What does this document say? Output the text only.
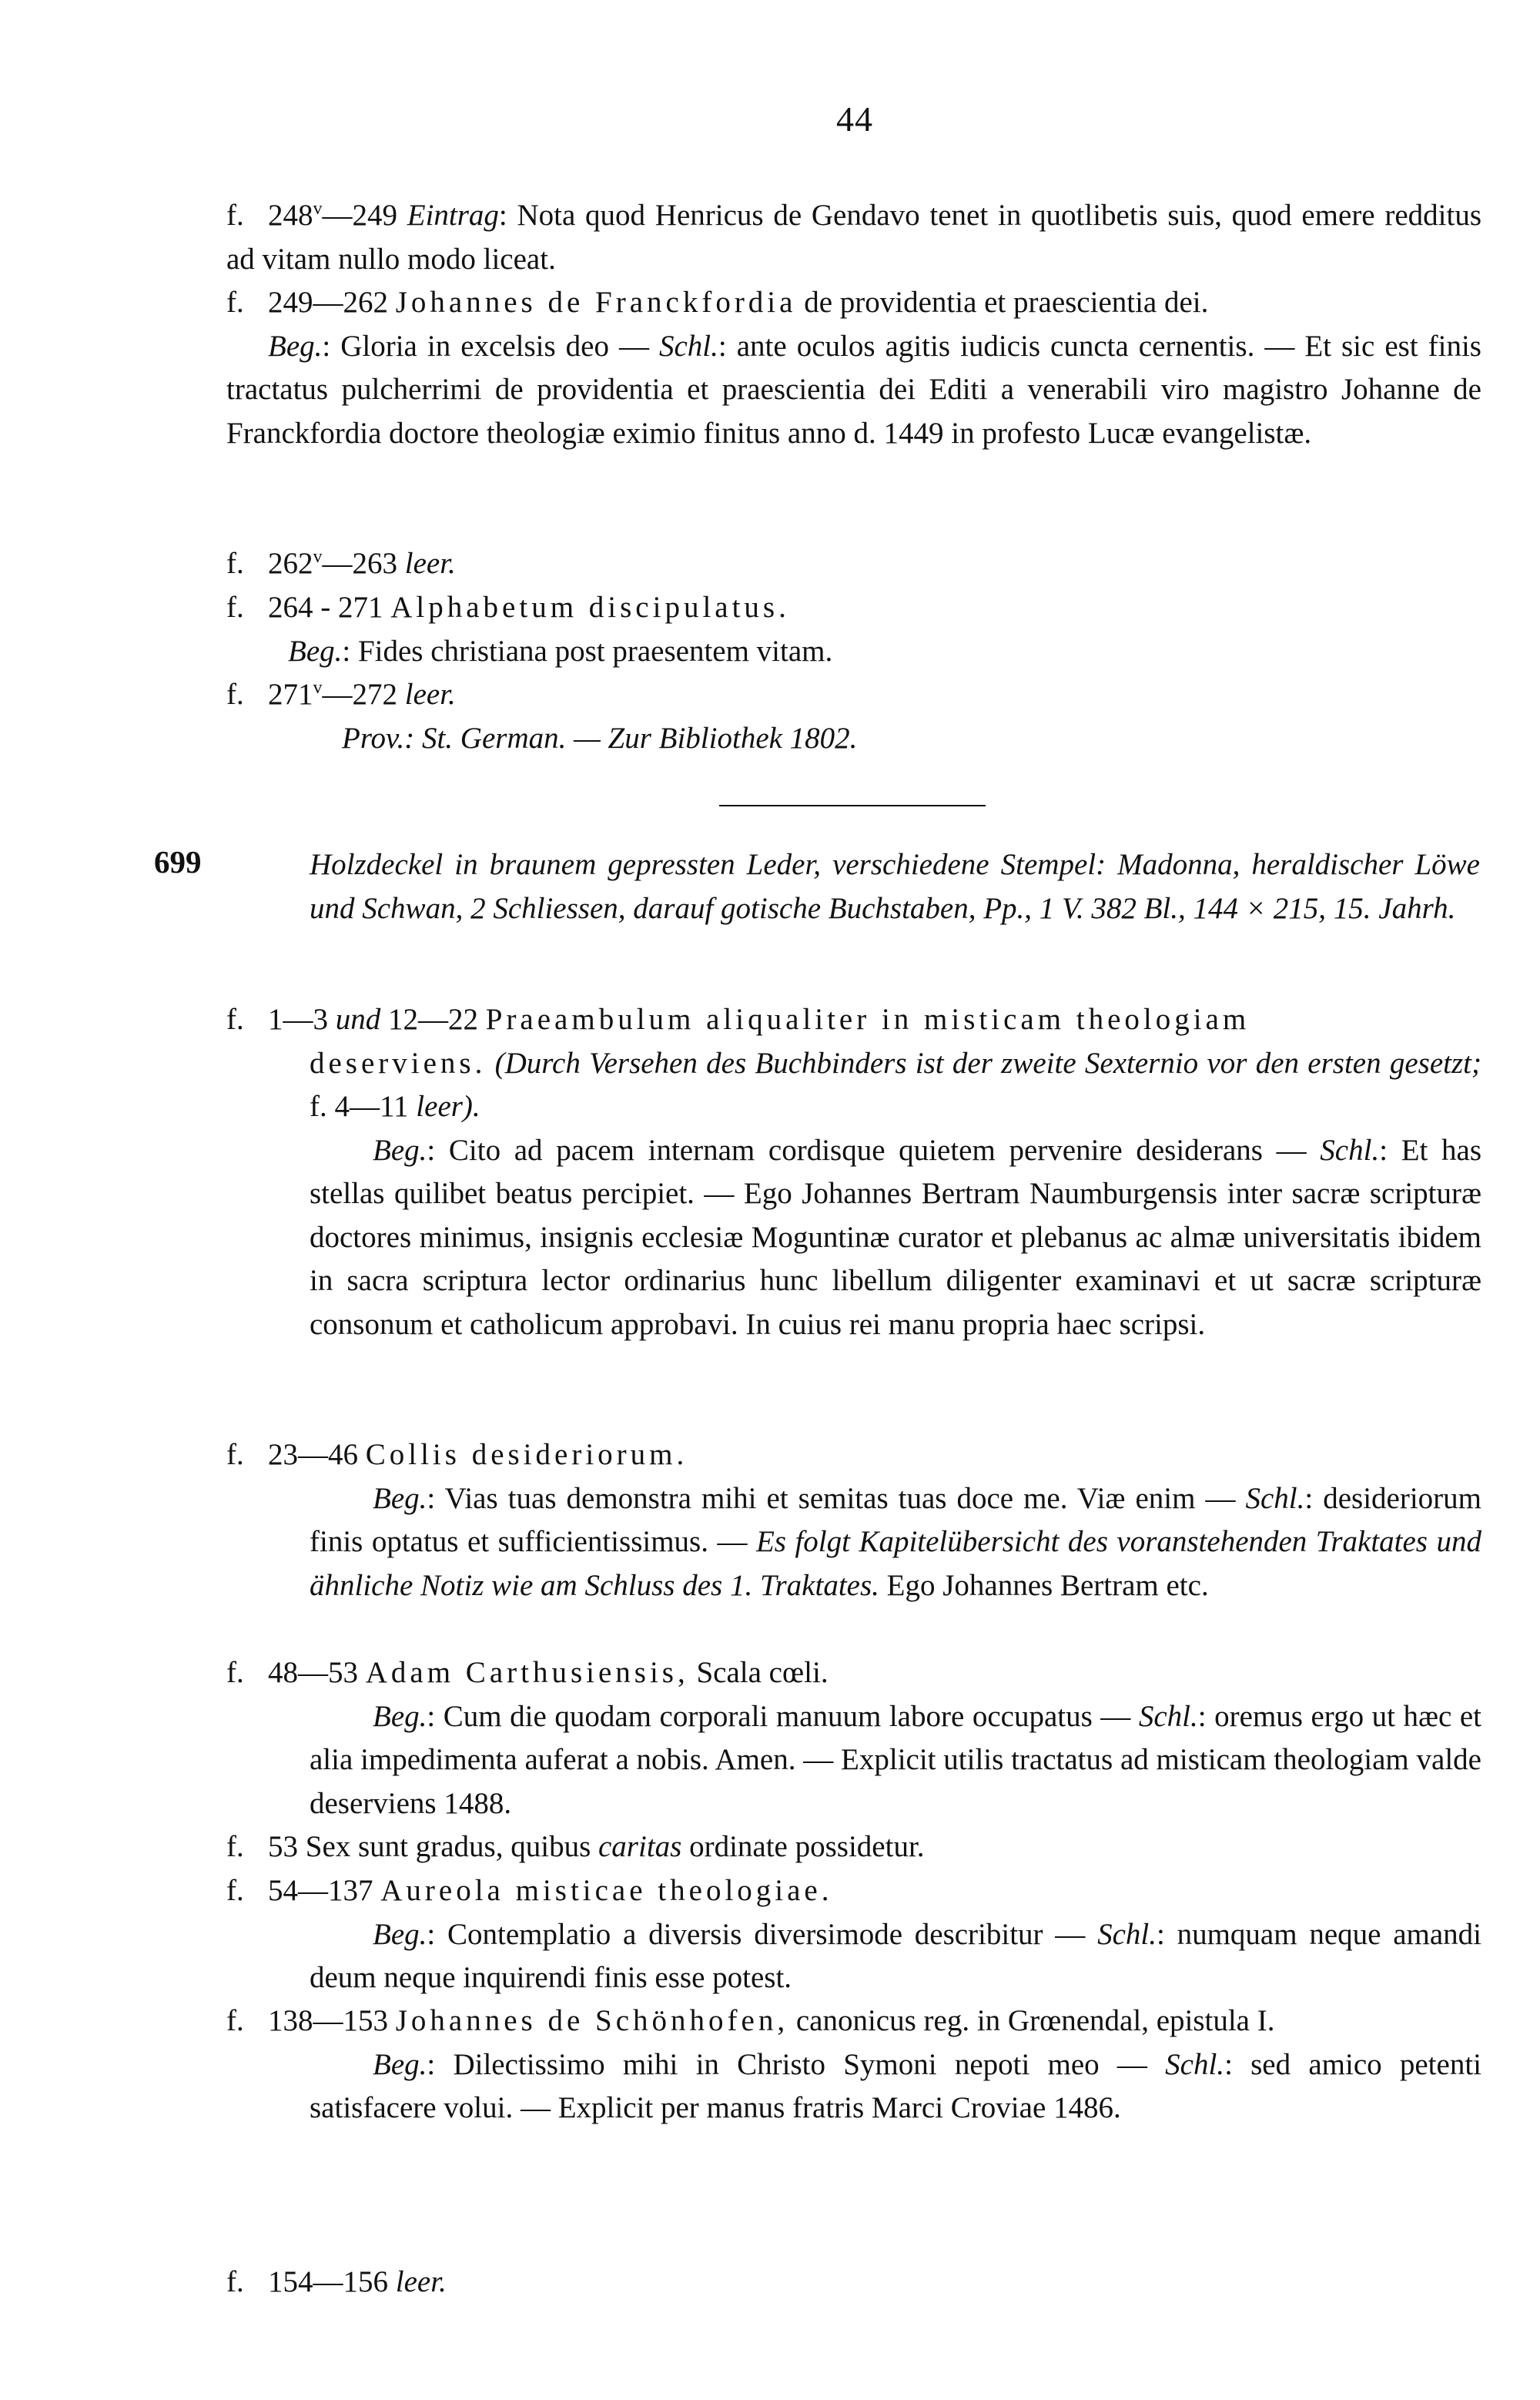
44
f. 248$^v$—249 Eintrag: Nota quod Henricus de Gendavo tenet in quotlibetis suis, quod emere redditus ad vitam nullo modo liceat.
f. 249—262 Johannes de Franckfordia de providentia et praescientia dei.
Beg.: Gloria in excelsis deo — Schl.: ante oculos agitis iudicis cuncta cernentis. — Et sic est finis tractatus pulcherrimi de providentia et praescientia dei Editi a venerabili viro magistro Johanne de Franckfordia doctore theologiæ eximio finitus anno d. 1449 in profesto Lucæ evangelistæ.
f. 262$^v$—263 leer.
f. 264 - 271 Alphabetum discipulatus.
Beg.: Fides christiana post praesentem vitam.
f. 271$^v$—272 leer.
Prov.: St. German. — Zur Bibliothek 1802.
699	Holzdeckel in braunem gepressten Leder, verschiedene Stempel: Madonna, heraldischer Löwe und Schwan, 2 Schliessen, darauf gotische Buchstaben, Pp., 1 V. 382 Bl., 144 × 215, 15. Jahrh.
f. 1—3 und 12—22 Praeambulum aliqualiter in misticam theologiam
deserviens. (Durch Versehen des Buchbinders ist der zweite Sexternio vor den ersten gesetzt; f. 4—11 leer).
Beg.: Cito ad pacem internam cordisque quietem pervenire desiderans — Schl.: Et has stellas quilibet beatus percipiet. — Ego Johannes Bertram Naumburgensis inter sacræ scripturæ doctores minimus, insignis ecclesiæ Moguntinæ curator et plebanus ac almæ universitatis ibidem in sacra scriptura lector ordinarius hunc libellum diligenter examinavi et ut sacræ scripturæ consonum et catholicum approbavi. In cuius rei manu propria haec scripsi.
f. 23—46 Collis desideriorum.
Beg.: Vias tuas demonstra mihi et semitas tuas doce me. Viæ enim — Schl.: desideriorum finis optatus et sufficientissimus. — Es folgt Kapitelübersicht des voranstehenden Traktates und ähnliche Notiz wie am Schluss des 1. Traktates. Ego Johannes Bertram etc.
f. 48—53 Adam Carthusiensis, Scala cœli.
Beg.: Cum die quodam corporali manuum labore occupatus — Schl.: oremus ergo ut hæc et alia impedimenta auferat a nobis. Amen. — Explicit utilis tractatus ad misticam theologiam valde deserviens 1488.
f. 53 Sex sunt gradus, quibus caritas ordinate possidetur.
f. 54—137 Aureola misticae theologiae.
Beg.: Contemplatio a diversis diversimode describitur — Schl.: numquam neque amandi deum neque inquirendi finis esse potest.
f. 138—153 Johannes de Schönhofen, canonicus reg. in Grœnendal, epistula I.
Beg.: Dilectissimo mihi in Christo Symoni nepoti meo — Schl.: sed amico petenti satisfacere volui. — Explicit per manus fratris Marci Croviae 1486.
f. 154—156 leer.
